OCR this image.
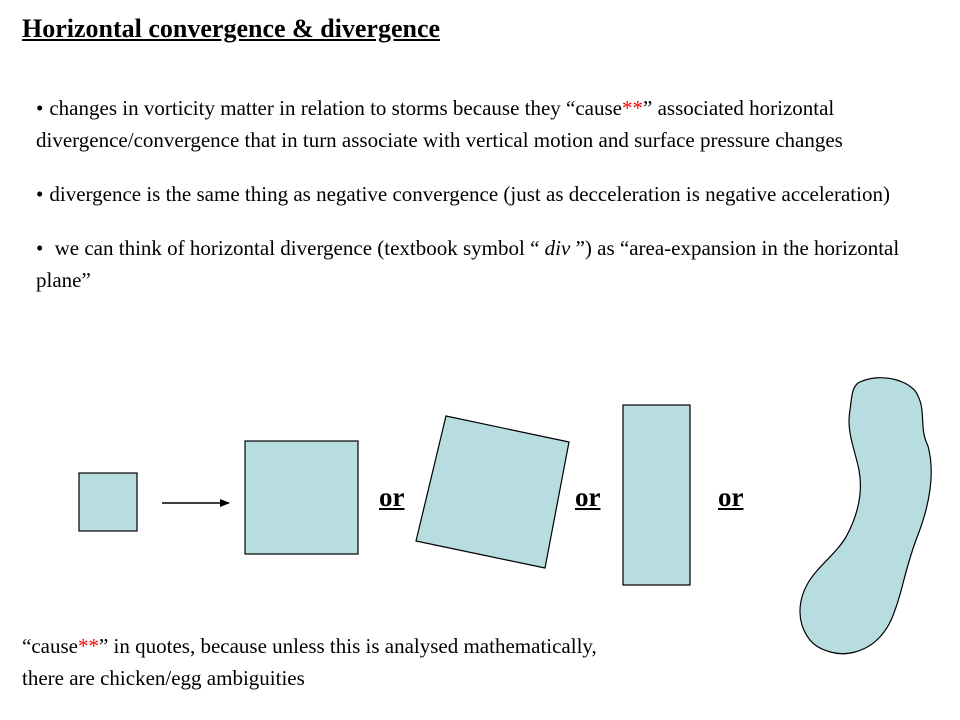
Horizontal convergence & divergence
• changes in vorticity matter in relation to storms because they “cause**” associated horizontal divergence/convergence that in turn associate with vertical motion and surface pressure changes
• divergence is the same thing as negative convergence (just as decceleration is negative acceleration)
• we can think of horizontal divergence (textbook symbol “ div ”) as “area-expansion in the horizontal plane”
or	or	or
“cause**” in quotes, because unless this is analysed mathematically, there are chicken/egg ambiguities
